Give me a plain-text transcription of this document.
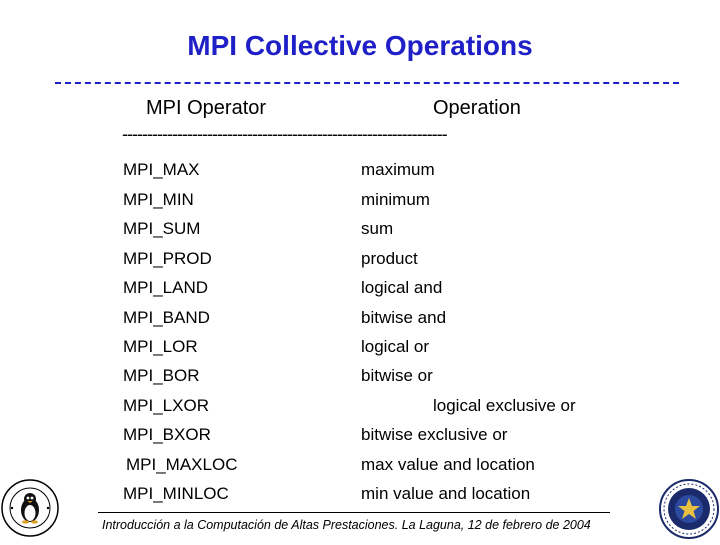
MPI Collective Operations
MPI Operator	Operation
-----------------------------------------------------------------
MPI_MAX	maximum
MPI_MIN	minimum
MPI_SUM	sum
MPI_PROD	product
MPI_LAND	logical and
MPI_BAND	bitwise and
MPI_LOR	logical or
MPI_BOR	bitwise or
MPI_LXOR	logical exclusive or
MPI_BXOR	bitwise exclusive or
MPI_MAXLOC	max value and location
MPI_MINLOC	min value and location
Introducción a la Computación de Altas Prestaciones. La Laguna, 12 de febrero de 2004
